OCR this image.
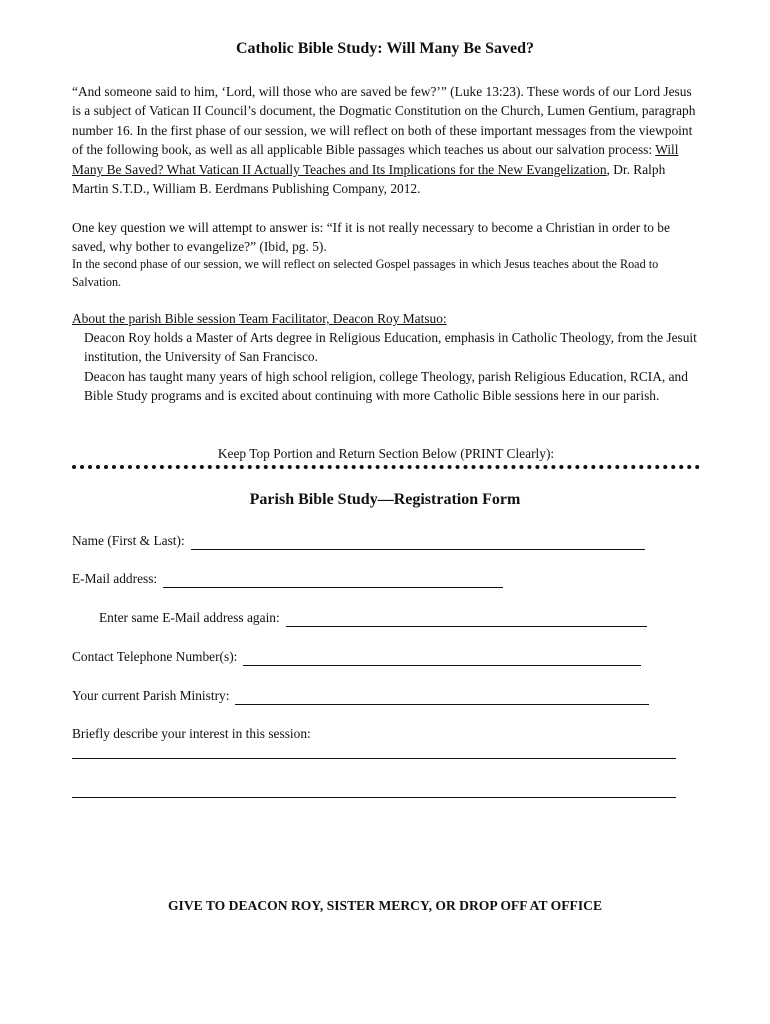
Catholic Bible Study: Will Many Be Saved?
“And someone said to him, ‘Lord, will those who are saved be few?’” (Luke 13:23). These words of our Lord Jesus is a subject of Vatican II Council’s document, the Dogmatic Constitution on the Church, Lumen Gentium, paragraph number 16. In the first phase of our session, we will reflect on both of these important messages from the viewpoint of the following book, as well as all applicable Bible passages which teaches us about our salvation process: Will Many Be Saved? What Vatican II Actually Teaches and Its Implications for the New Evangelization, Dr. Ralph Martin S.T.D., William B. Eerdmans Publishing Company, 2012.
One key question we will attempt to answer is: “If it is not really necessary to become a Christian in order to be saved, why bother to evangelize?” (Ibid, pg. 5).
In the second phase of our session, we will reflect on selected Gospel passages in which Jesus teaches about the Road to Salvation.
About the parish Bible session Team Facilitator, Deacon Roy Matsuo:
Deacon Roy holds a Master of Arts degree in Religious Education, emphasis in Catholic Theology, from the Jesuit institution, the University of San Francisco.
Deacon has taught many years of high school religion, college Theology, parish Religious Education, RCIA, and Bible Study programs and is excited about continuing with more Catholic Bible sessions here in our parish.
Keep Top Portion and Return Section Below (PRINT Clearly):
Parish Bible Study—Registration Form
Name (First & Last):
E-Mail address:
Enter same E-Mail address again:
Contact Telephone Number(s):
Your current Parish Ministry:
Briefly describe your interest in this session:
GIVE TO DEACON ROY, SISTER MERCY, OR DROP OFF AT OFFICE
